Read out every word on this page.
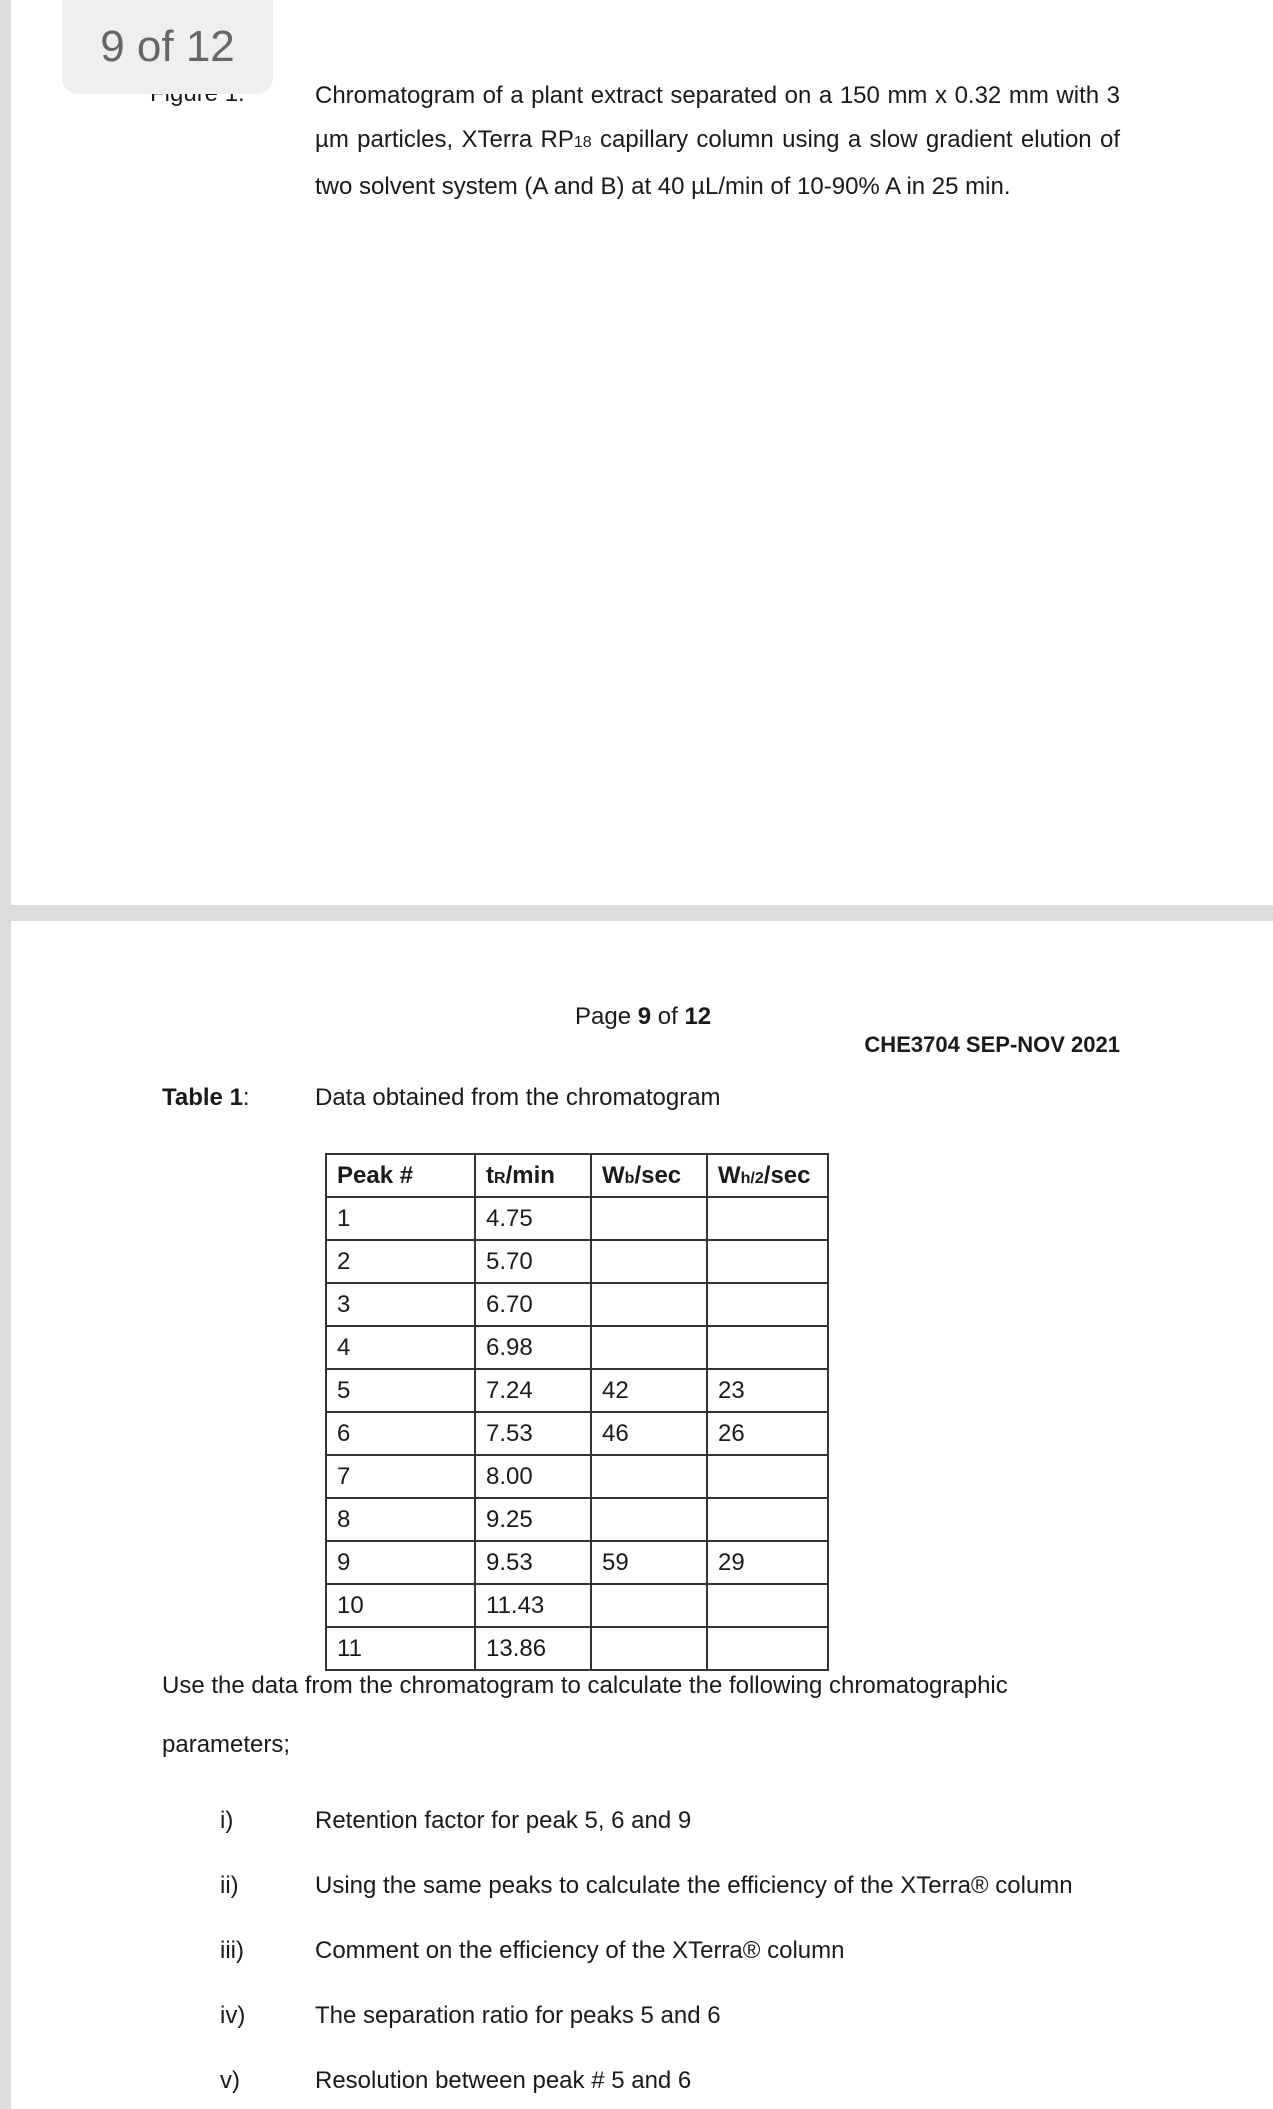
9 of 12
Chromatogram of a plant extract separated on a 150 mm x 0.32 mm with 3 µm particles, XTerra RP18 capillary column using a slow gradient elution of two solvent system (A and B) at 40 µL/min of 10-90% A in 25 min.
Page 9 of 12
CHE3704 SEP-NOV 2021
Table 1:	Data obtained from the chromatogram
Peak #	tR/min	Wb/sec	Wh/2/sec
1	4.75		
2	5.70		
3	6.70		
4	6.98		
5	7.24	42	23
6	7.53	46	26
7	8.00		
8	9.25		
9	9.53	59	29
10	11.43		
11	13.86		
Use the data from the chromatogram to calculate the following chromatographic
parameters;
i)	Retention factor for peak 5, 6 and 9
ii)	Using the same peaks to calculate the efficiency of the XTerra® column
iii)	Comment on the efficiency of the XTerra® column
iv)	The separation ratio for peaks 5 and 6
v)	Resolution between peak # 5 and 6
